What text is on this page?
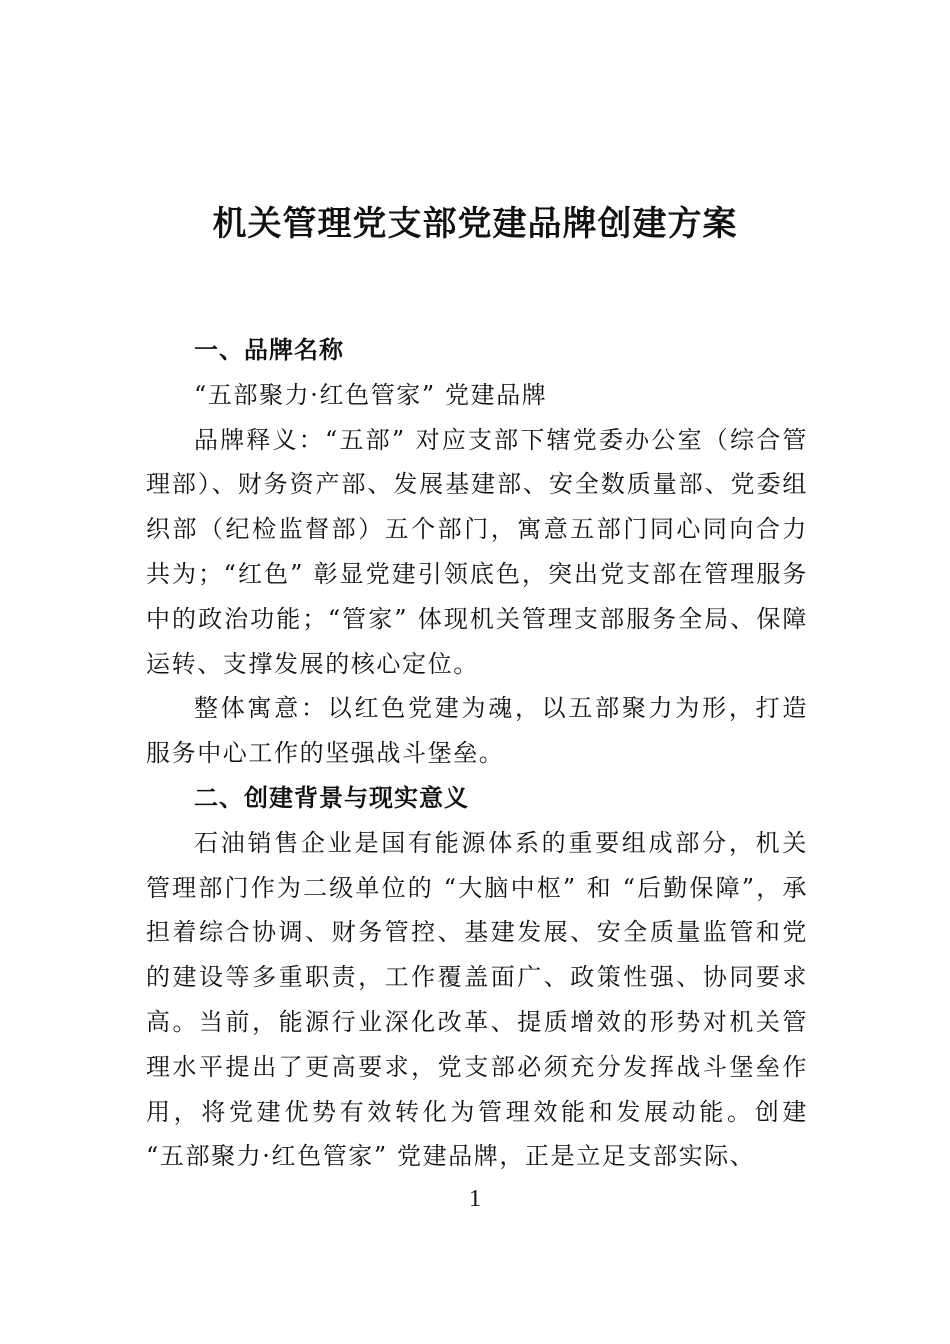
机关管理党支部党建品牌创建方案

一、品牌名称

“五部聚力·红色管家” 党建品牌

品牌释义：“五部” 对应支部下辖党委办公室（综合管理部）、财务资产部、发展基建部、安全数质量部、党委组织部（纪检监督部）五个部门，寓意五部门同心同向合力共为；“红色” 彰显党建引领底色，突出党支部在管理服务中的政治功能；“管家” 体现机关管理支部服务全局、保障运转、支撑发展的核心定位。

整体寓意：以红色党建为魂，以五部聚力为形，打造服务中心工作的坚强战斗堡垒。

二、创建背景与现实意义

石油销售企业是国有能源体系的重要组成部分，机关管理部门作为二级单位的 “大脑中枢” 和 “后勤保障”，承担着综合协调、财务管控、基建发展、安全质量监管和党的建设等多重职责，工作覆盖面广、政策性强、协同要求高。当前，能源行业深化改革、提质增效的形势对机关管理水平提出了更高要求，党支部必须充分发挥战斗堡垒作用，将党建优势有效转化为管理效能和发展动能。创建 “五部聚力·红色管家” 党建品牌，正是立足支部实际、

1
